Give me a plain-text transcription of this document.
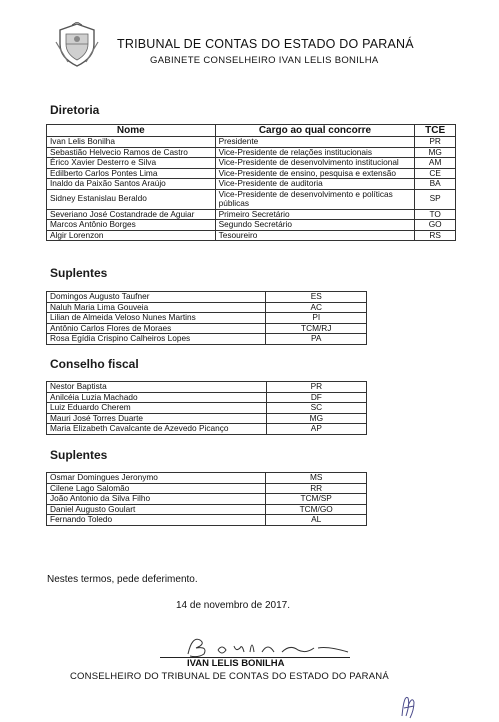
TRIBUNAL DE CONTAS DO ESTADO DO PARANÁ
GABINETE CONSELHEIRO IVAN LELIS BONILHA
Diretoria
Nome	Cargo ao qual concorre	TCE
Ivan Lelis Bonilha	Presidente	PR
Sebastião Helvecio Ramos de Castro	Vice-Presidente de relações institucionais	MG
Érico Xavier Desterro e Silva	Vice-Presidente de desenvolvimento institucional	AM
Edilberto Carlos Pontes Lima	Vice-Presidente de ensino, pesquisa e extensão	CE
Inaldo da Paixão Santos Araújo	Vice-Presidente de auditoria	BA
Sidney Estanislau Beraldo	Vice-Presidente de desenvolvimento e políticas públicas	SP
Severiano José Costandrade de Aguiar	Primeiro Secretário	TO
Marcos Antônio Borges	Segundo Secretário	GO
Algir Lorenzon	Tesoureiro	RS
Suplentes
Domingos Augusto Taufner	ES
Naluh Maria Lima Gouveia	AC
Lilian de Almeida Veloso Nunes Martins	PI
Antônio Carlos Flores de Moraes	TCM/RJ
Rosa Egídia Crispino Calheiros Lopes	PA
Conselho fiscal
Nestor Baptista	PR
Anilcéia Luzia Machado	DF
Luiz Eduardo Cherem	SC
Mauri José Torres Duarte	MG
Maria Elizabeth Cavalcante de Azevedo Picanço	AP
Suplentes
Osmar Domingues Jeronymo	MS
Cilene Lago Salomão	RR
João Antonio da Silva Filho	TCM/SP
Daniel Augusto Goulart	TCM/GO
Fernando Toledo	AL
Nestes termos, pede deferimento.
14 de novembro de 2017.
IVAN LELIS BONILHA
CONSELHEIRO DO TRIBUNAL DE CONTAS DO ESTADO DO PARANÁ
